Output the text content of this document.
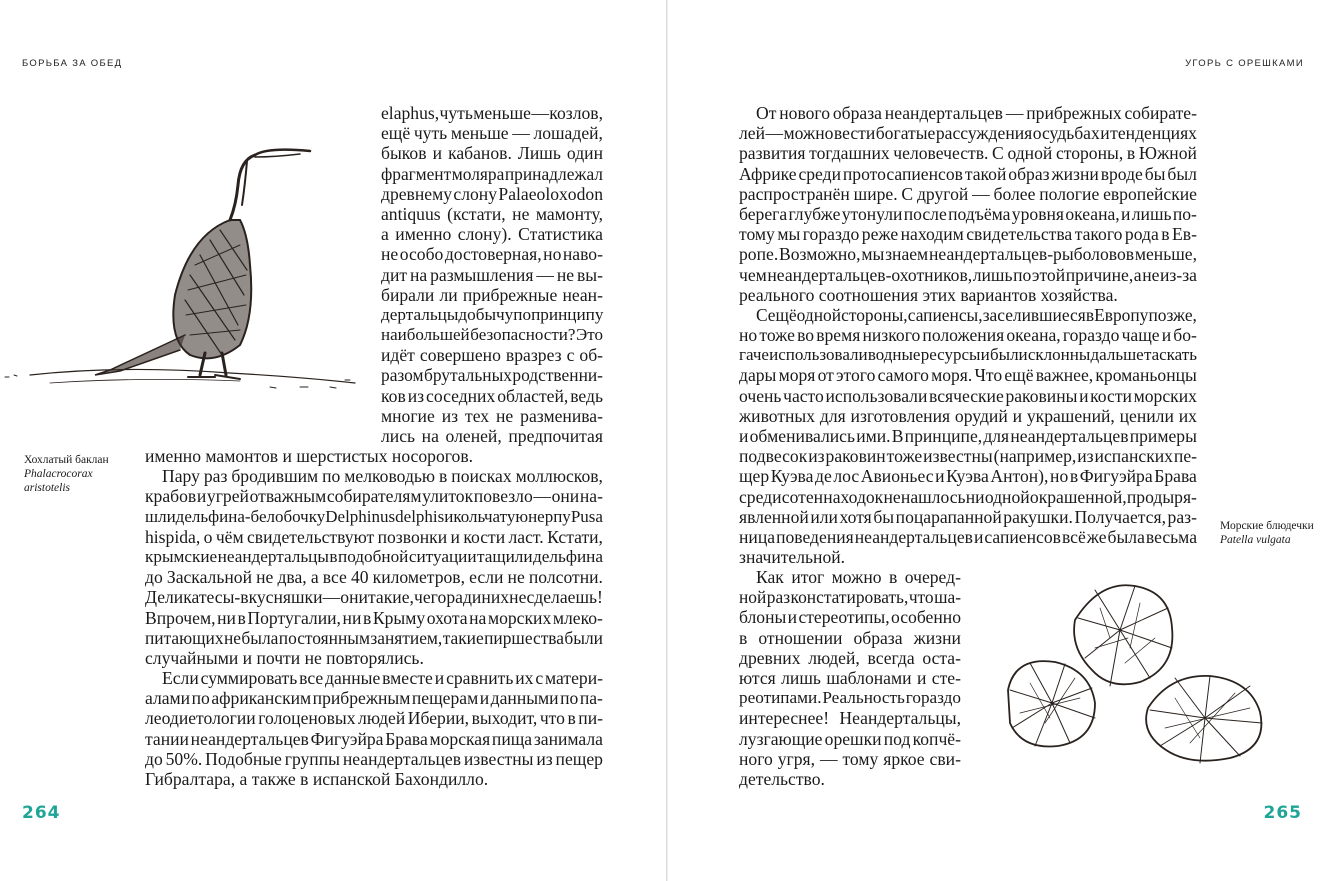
БОРЬБА ЗА ОБЕД
elaphus, чуть меньше — козлов,
ещё чуть меньше — лошадей,
быков и кабанов. Лишь один
фрагмент моляра принадлежал
древнему слону Palaeoloxodon
antiquus (кстати, не мамонту,
а именно слону). Статистика
не особо достоверная, но наво-
дит на размышления — не вы-
бирали ли прибрежные неан-
дертальцы добычу по принципу
наибольшей безопасности? Это
идёт совершено вразрез с об-
разом брутальных родственни-
ков из соседних областей, ведь
многие из тех не разменива-
лись на оленей, предпочитая
Хохлатый баклан
Phalacrocorax
aristotelis
именно мамонтов и шерстистых носорогов.
Пару раз бродившим по мелководью в поисках моллюсков,
крабов и угрей отважным собирателям улиток повезло — они на-
шли дельфина-белобочку Delphinus delphis и кольчатую нерпу Pusa
hispida, о чём свидетельствуют позвонки и кости ласт. Кстати,
крымские неандертальцы в подобной ситуации тащили дельфина
до Заскальной не два, а все 40 километров, если не полсотни.
Деликатесы-вкусняшки — они такие, чего ради них не сделаешь!
Впрочем, ни в Португалии, ни в Крыму охота на морских млеко-
питающих не была постоянным занятием, такие пиршества были
случайными и почти не повторялись.
Если суммировать все данные вместе и сравнить их с матери-
алами по африканским прибрежным пещерам и данными по па-
леодиетологии голоценовых людей Иберии, выходит, что в пи-
тании неандертальцев Фигуэйра Брава морская пища занимала
до 50%. Подобные группы неандертальцев известны из пещер
Гибралтара, а также в испанской Бахондилло.
264
УГОРЬ С ОРЕШКАМИ
От нового образа неандертальцев — прибрежных собирате-
лей — можно вести богатые рассуждения о судьбах и тенденциях
развития тогдашних человечеств. С одной стороны, в Южной
Африке среди протосапиенсов такой образ жизни вроде бы был
распространён шире. С другой — более пологие европейские
берега глубже утонули после подъёма уровня океана, и лишь по-
тому мы гораздо реже находим свидетельства такого рода в Ев-
ропе. Возможно, мы знаем неандертальцев-рыболовов меньше,
чем неандертальцев-охотников, лишь по этой причине, а не из-за
реального соотношения этих вариантов хозяйства.
С ещё одной стороны, сапиенсы, заселившиеся в Европу позже,
но тоже во время низкого положения океана, гораздо чаще и бо-
гаче использовали водные ресурсы и были склонны дальше таскать
дары моря от этого самого моря. Что ещё важнее, кроманьонцы
очень часто использовали всяческие раковины и кости морских
животных для изготовления орудий и украшений, ценили их
и обменивались ими. В принципе, для неандертальцев примеры
подвесок из раковин тоже известны (например, из испанских пе-
щер Куэва де лос Авионьес и Куэва Антон), но в Фигуэйра Брава
среди сотен находок не нашлось ни одной окрашенной, продыря-
явленной или хотя бы поцарапанной ракушки. Получается, раз-
ница поведения неандертальцев и сапиенсов всё же была весьма
значительной.
Как итог можно в очеред-
ной раз констатировать, что ша-
блоны и стереотипы, особенно
в отношении образа жизни
древних людей, всегда оста-
ются лишь шаблонами и сте-
реотипами. Реальность гораздо
интереснее! Неандертальцы,
лузгающие орешки под копчё-
ного угря, — тому яркое сви-
детельство.
Морские блюдечки
Patella vulgata
265
